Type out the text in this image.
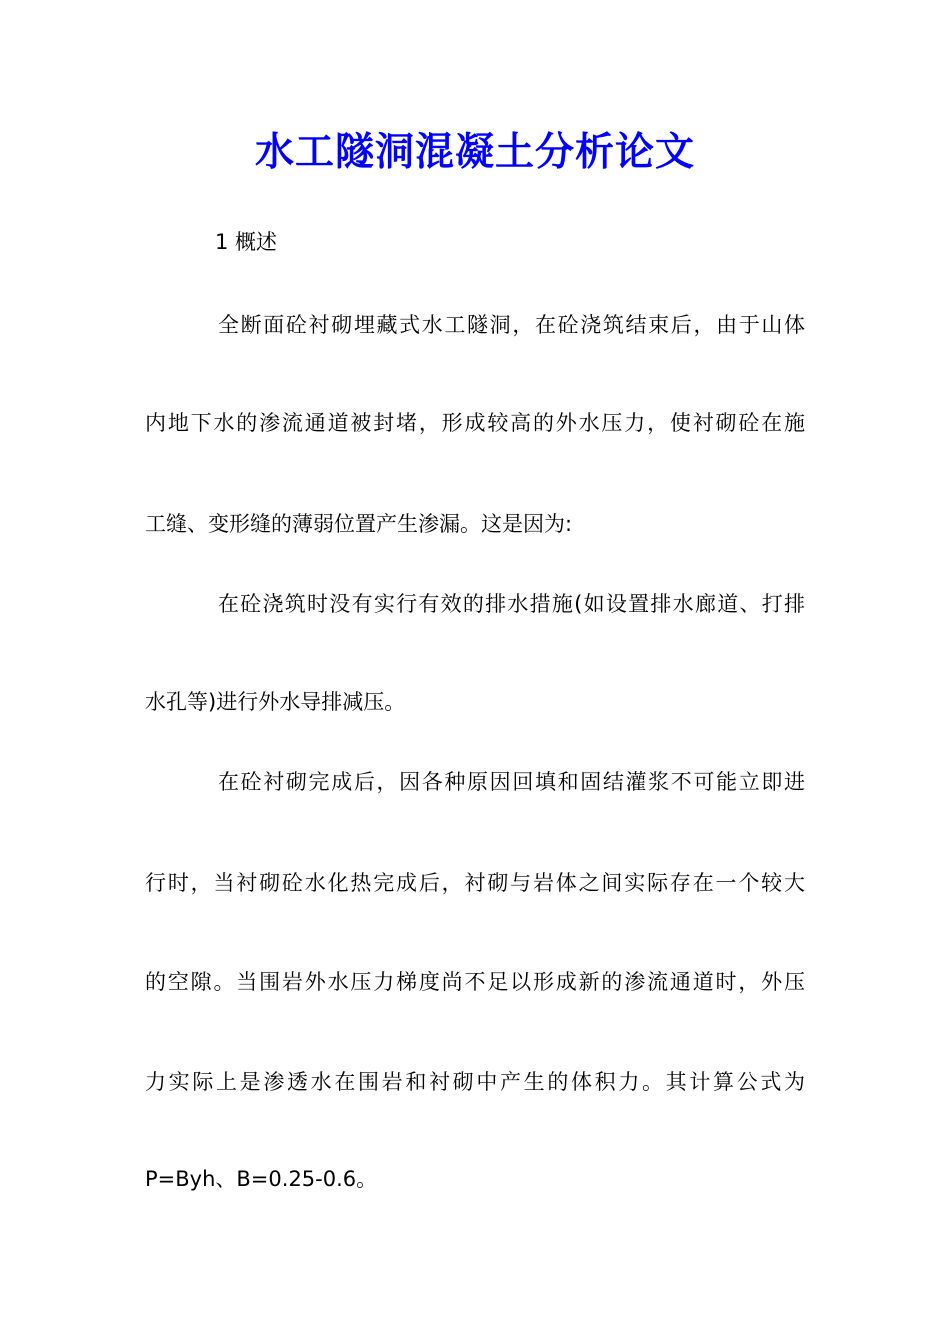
水工隧洞混凝土分析论文
1 概述
全断面砼衬砌埋藏式水工隧洞，在砼浇筑结束后，由于山体
内地下水的渗流通道被封堵，形成较高的外水压力，使衬砌砼在施
工缝、变形缝的薄弱位置产生渗漏。这是因为:
在砼浇筑时没有实行有效的排水措施(如设置排水廊道、打排
水孔等)进行外水导排减压。
在砼衬砌完成后，因各种原因回填和固结灌浆不可能立即进
行时，当衬砌砼水化热完成后，衬砌与岩体之间实际存在一个较大
的空隙。当围岩外水压力梯度尚不足以形成新的渗流通道时，外压
力实际上是渗透水在围岩和衬砌中产生的体积力。其计算公式为
P=Byh、B=0.25-0.6。
